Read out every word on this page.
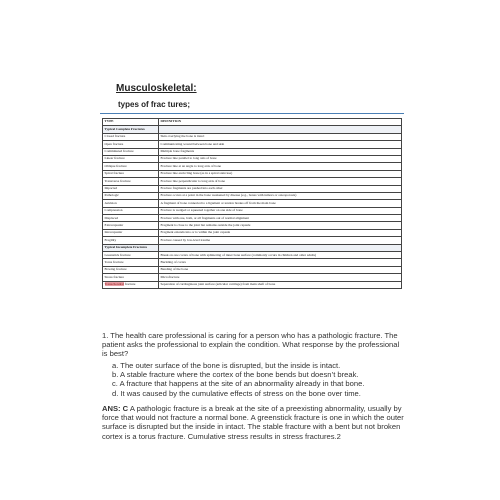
Musculoskeletal:
types of frac tures;
TYPE	DEFINITION
Typical Complete Fractures	
Closed fracture	Skin overlying the bone is intact
Open fracture	Communicating wound between bone and skin
Comminuted fracture	Multiple bone fragments
Linear fracture	Fracture line parallel to long axis of bone
Oblique fracture	Fracture line at an angle to long axis of bone
Spiral fracture	Fracture line encircling bone (as in a spiral staircase)
Transverse fracture	Fracture line perpendicular to long axis of bone
Impacted	Fracture fragments are pushed into each other
Pathologic	Fracture occurs at a point in the bone weakened by disease (e.g., bones with tumors or osteoporosis)
Avulsion	A fragment of bone connected to a ligament or tendon breaks off from the main bone
Compression	Fracture is wedged or squeezed together on one side of bone
Displaced	Fracture with one, both, or all fragments out of normal alignment
Extracapsular	Fragment is close to the joint but remains outside the joint capsule
Intracapsular	Fragment extends into or is within the joint capsule
Fragility	Fracture caused by low-level trauma
Typical Incomplete Fractures	
Greenstick fracture	Break on one cortex of bone with splintering of inner bone surface (commonly occurs in children and older adults)
Torus fracture	Buckling of cortex
Bowing fracture	Bending of the bone
Stress fracture	Microfracture
Transchondral fracture	Separation of cartilaginous joint surface (articular cartilage) from main shaft of bone
1. The health care professional is caring for a person who has a pathologic fracture. The patient asks the professional to explain the condition. What response by the professional is best?
a. The outer surface of the bone is disrupted, but the inside is intact.
b. A stable fracture where the cortex of the bone bends but doesn’t break.
c. A fracture that happens at the site of an abnormality already in that bone.
d. It was caused by the cumulative effects of stress on the bone over time.
ANS: C A pathologic fracture is a break at the site of a preexisting abnormality, usually by force that would not fracture a normal bone. A greenstick fracture is one in which the outer surface is disrupted but the inside in intact. The stable fracture with a bent but not broken cortex is a torus fracture. Cumulative stress results in stress fractures.2
